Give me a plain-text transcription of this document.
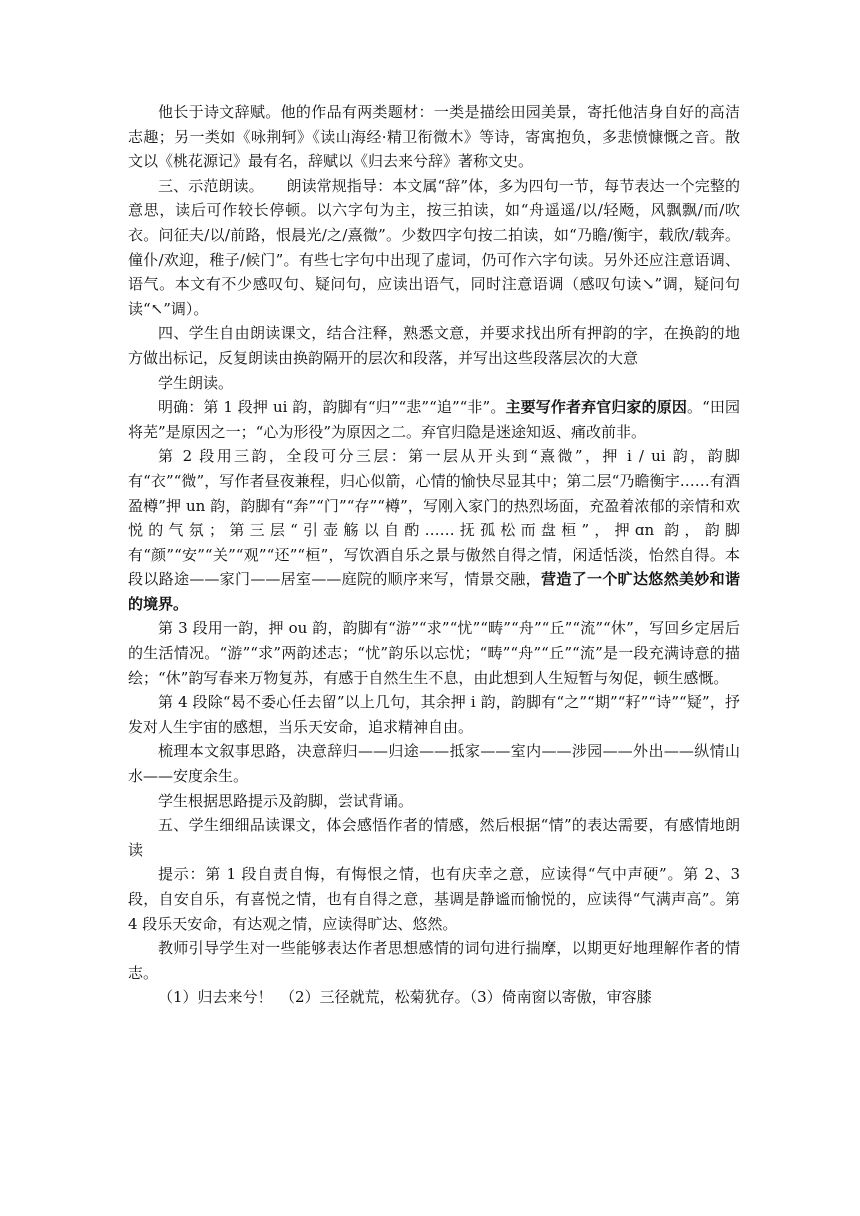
他长于诗文辞赋。他的作品有两类题材：一类是描绘田园美景，寄托他洁身自好的高洁志趣；另一类如《咏荆轲》《读山海经·精卫衔微木》等诗，寄寓抱负，多悲愤慷慨之音。散文以《桃花源记》最有名，辞赋以《归去来兮辞》著称文史。

三、示范朗读。　　朗读常规指导：本文属“辞”体，多为四句一节，每节表达一个完整的意思，读后可作较长停顿。以六字句为主，按三拍读，如“舟遥遥/以/轻飏，风飘飘/而/吹衣。问征夫/以/前路，恨晨光/之/熹微”。少数四字句按二拍读，如“乃瞻/衡宇，载欣/载奔。僮仆/欢迎，稚子/候门”。有些七字句中出现了虚词，仍可作六字句读。另外还应注意语调、语气。本文有不少感叹句、疑问句，应读出语气，同时注意语调（感叹句读↘”调，疑问句读“↖”调）。

四、学生自由朗读课文，结合注释，熟悉文意，并要求找出所有押韵的字，在换韵的地方做出标记，反复朗读由换韵隔开的层次和段落，并写出这些段落层次的大意

学生朗读。

明确：第 1 段押 ui 韵，韵脚有“归”“悲”“追”“非”。主要写作者弃官归家的原因。“田园将芜”是原因之一；“心为形役”为原因之二。弃官归隐是迷途知返、痛改前非。

第 2 段用三韵，全段可分三层：第一层从开头到“熹微”，押 i / ui 韵，韵脚有“衣”“微”，写作者昼夜兼程，归心似箭，心情的愉快尽显其中；第二层“乃瞻衡宇……有酒盈樽”押 un 韵，韵脚有“奔”“门”“存”“樽”，写刚入家门的热烈场面，充盈着浓郁的亲情和欢悦的气氛；第三层“引壶觞以自酌……抚孤松而盘桓”，押ɑn 韵，韵脚有“颜”“安”“关”“观”“还”“桓”，写饮酒自乐之景与傲然自得之情，闲适恬淡，怡然自得。本段以路途——家门——居室——庭院的顺序来写，情景交融，营造了一个旷达悠然美妙和谐的境界。

第 3 段用一韵，押 ou 韵，韵脚有“游”“求”“忧”“畴”“舟”“丘”“流”“休”，写回乡定居后的生活情况。“游”“求”两韵述志；“忧”韵乐以忘忧；“畴”“舟”“丘”“流”是一段充满诗意的描绘；“休”韵写春来万物复苏，有感于自然生生不息，由此想到人生短暂与匆促，顿生感慨。

第 4 段除“曷不委心任去留”以上几句，其余押 i 韵，韵脚有“之”“期”“耔”“诗”“疑”，抒发对人生宇宙的感想，当乐天安命，追求精神自由。

梳理本文叙事思路，决意辞归——归途——抵家——室内——涉园——外出——纵情山水——安度余生。

学生根据思路提示及韵脚，尝试背诵。

五、学生细细品读课文，体会感悟作者的情感，然后根据“情”的表达需要，有感情地朗读

提示：第 1 段自责自悔，有悔恨之情，也有庆幸之意，应读得“气中声硬”。第 2、3 段，自安自乐，有喜悦之情，也有自得之意，基调是静谧而愉悦的，应读得“气满声高”。第 4 段乐天安命，有达观之情，应读得旷达、悠然。

教师引导学生对一些能够表达作者思想感情的词句进行揣摩，以期更好地理解作者的情志。

（1）归去来兮！　（2）三径就荒，松菊犹存。（3）倚南窗以寄傲，审容膝
